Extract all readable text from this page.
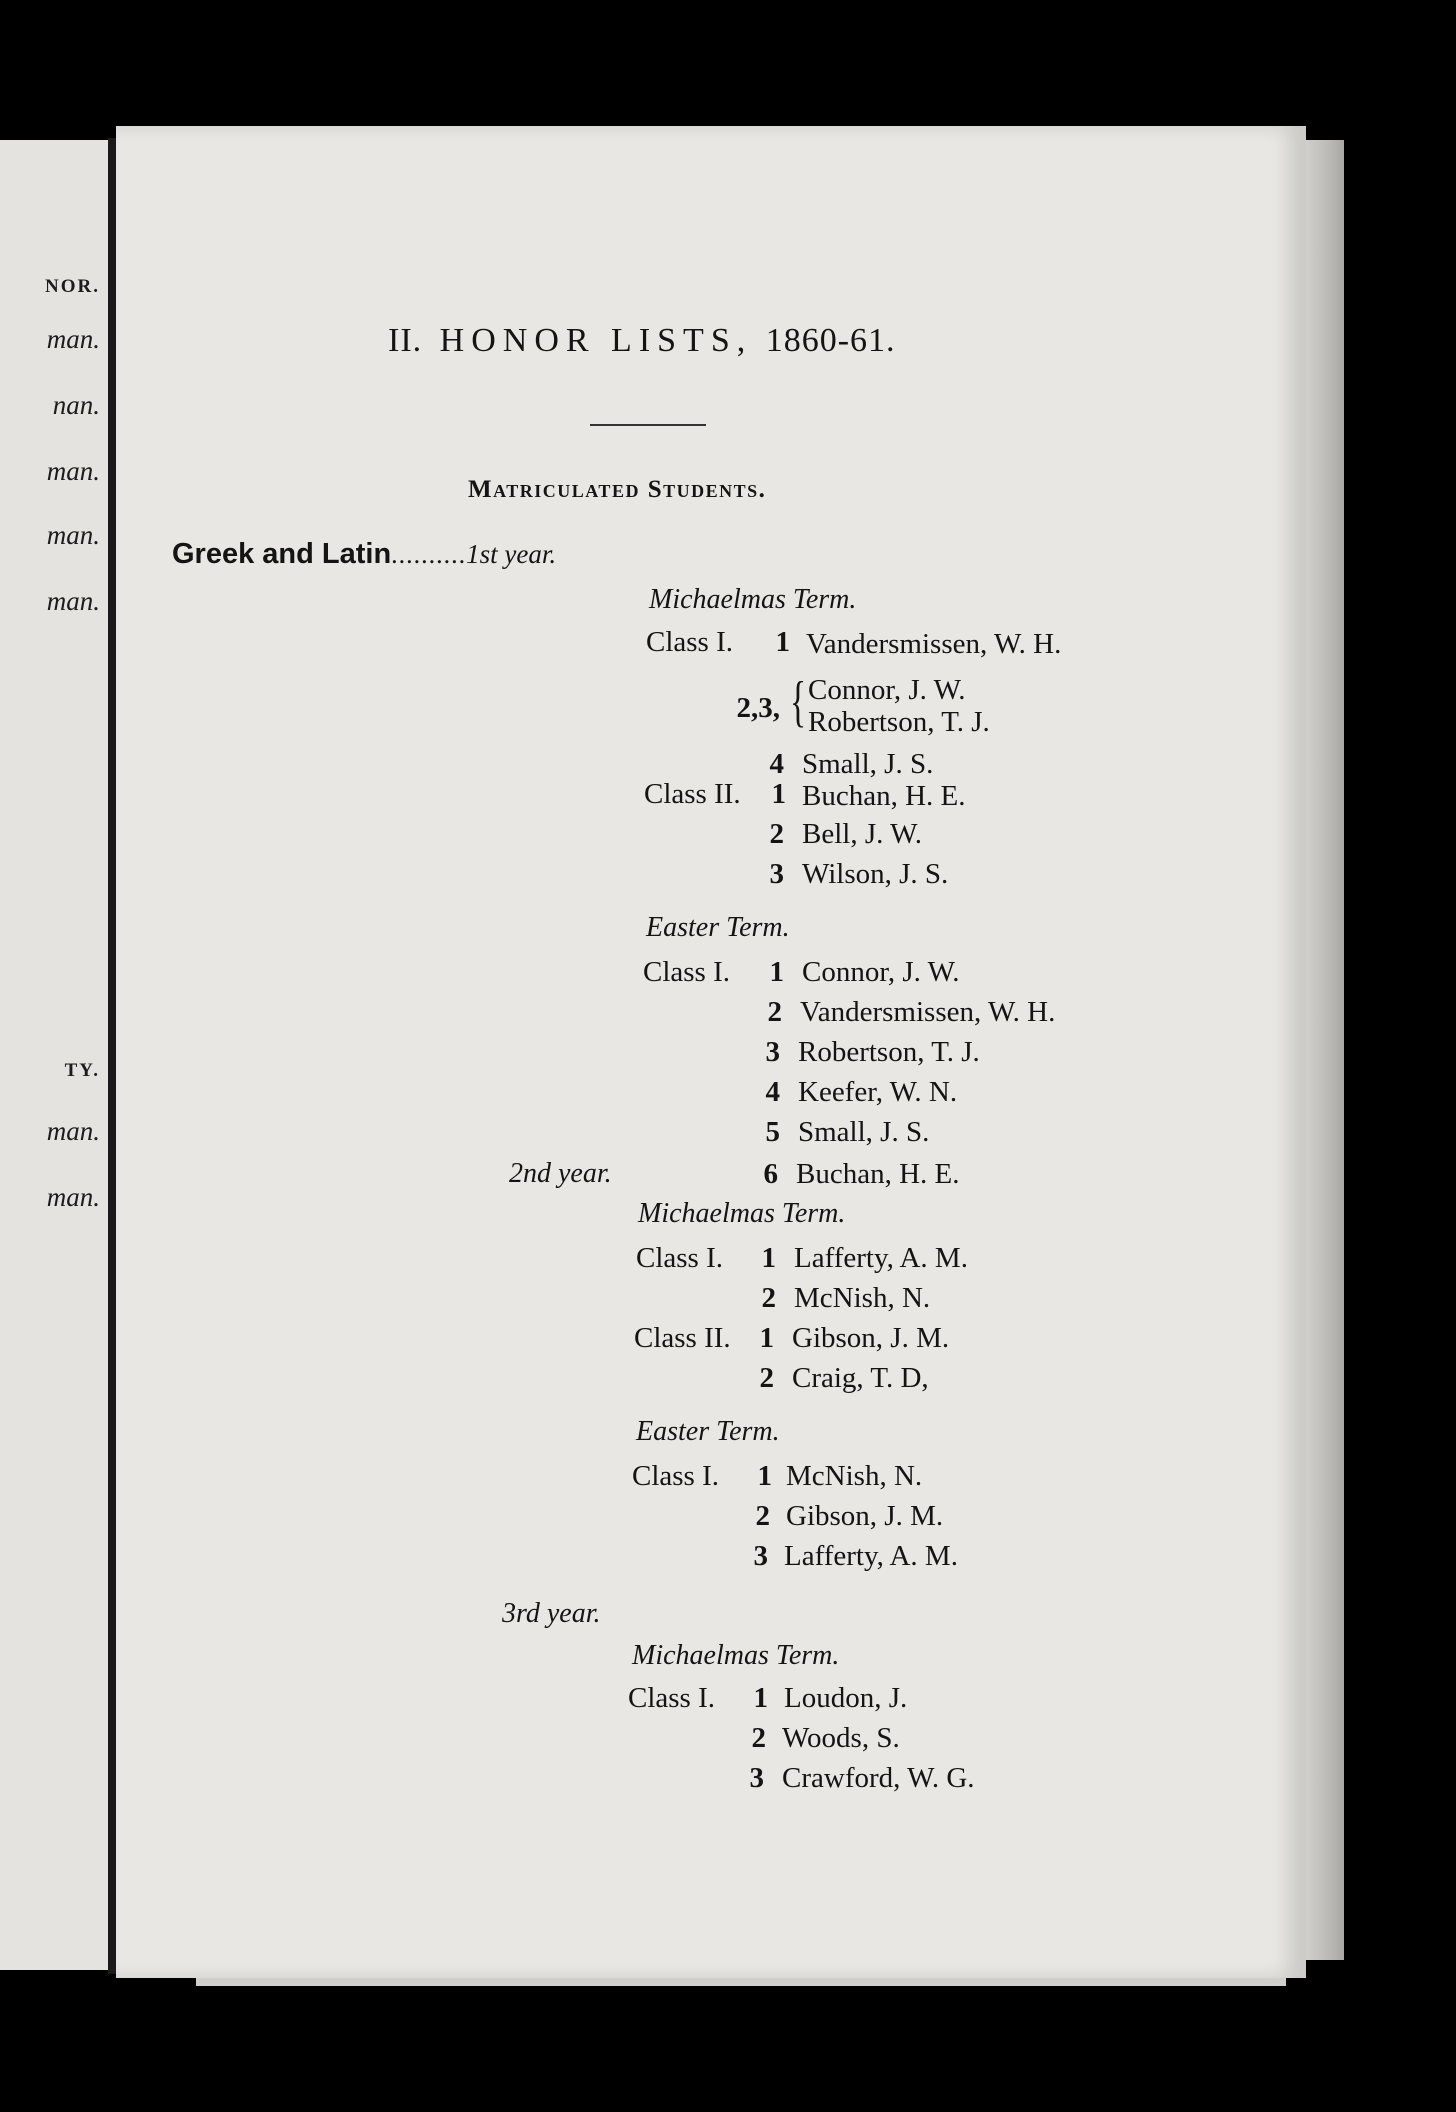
NOR.
man.
nan.
man.
man.
man.
TY.
man.
man.
II. HONOR LISTS, 1860-61.
Matriculated Students.
Greek and Latin..........1st year.
Michaelmas Term.
Class I.	1 Vandersmissen, W. H.
2,3, { Connor, J. W.
Robertson, T. J.
4 Small, J. S.
Class II.	1 Buchan, H. E.
2 Bell, J. W.
3 Wilson, J. S.
Easter Term.
Class I.	1 Connor, J. W.
2 Vandersmissen, W. H.
3 Robertson, T. J.
4 Keefer, W. N.
5 Small, J. S.
2nd year.	6 Buchan, H. E.
Michaelmas Term.
Class I.	1 Lafferty, A. M.
2 McNish, N.
Class II. 1 Gibson, J. M.
2 Craig, T. D,
Easter Term.
Class I.	1 McNish, N.
2 Gibson, J. M.
3 Lafferty, A. M.
3rd year.
Michaelmas Term.
Class I.	1 Loudon, J.
2 Woods, S.
3 Crawford, W. G.
